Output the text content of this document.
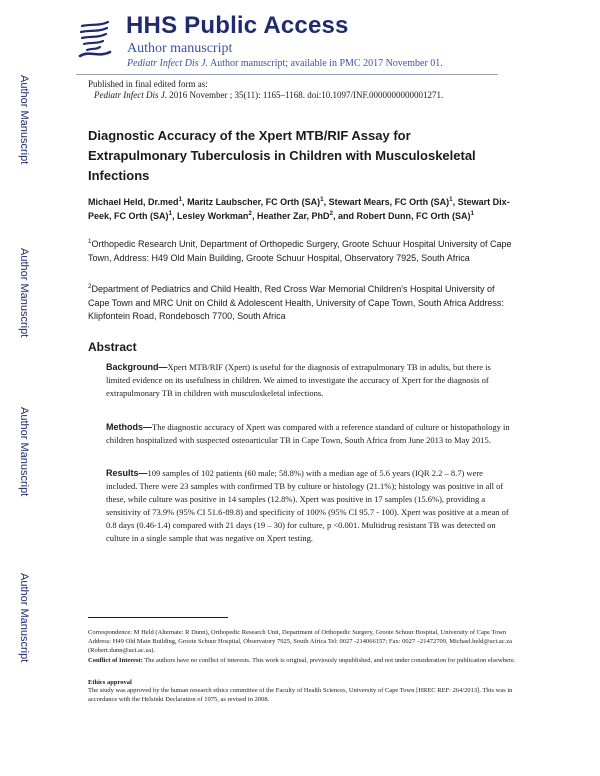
Author Manuscript
Author Manuscript
Author Manuscript
Author Manuscript
HHS Public Access
Author manuscript
Pediatr Infect Dis J. Author manuscript; available in PMC 2017 November 01.
Published in final edited form as:
Pediatr Infect Dis J. 2016 November ; 35(11): 1165–1168. doi:10.1097/INF.0000000000001271.
Diagnostic Accuracy of the Xpert MTB/RIF Assay for Extrapulmonary Tuberculosis in Children with Musculoskeletal Infections
Michael Held, Dr.med$^1$, Maritz Laubscher, FC Orth (SA)$^1$, Stewart Mears, FC Orth (SA)$^1$, Stewart Dix-Peek, FC Orth (SA)$^1$, Lesley Workman$^2$, Heather Zar, PhD$^2$, and Robert Dunn, FC Orth (SA)$^1$
$^1$Orthopedic Research Unit, Department of Orthopedic Surgery, Groote Schuur Hospital University of Cape Town, Address: H49 Old Main Building, Groote Schuur Hospital, Observatory 7925, South Africa
$^2$Department of Pediatrics and Child Health, Red Cross War Memorial Children's Hospital University of Cape Town and MRC Unit on Child & Adolescent Health, University of Cape Town, South Africa Address: Klipfontein Road, Rondebosch 7700, South Africa
Abstract
Background—Xpert MTB/RIF (Xpert) is useful for the diagnosis of extrapulmonary TB in adults, but there is limited evidence on its usefulness in children. We aimed to investigate the accuracy of Xpert for the diagnosis of extrapulmonary TB in children with musculoskeletal infections.
Methods—The diagnostic accuracy of Xpert was compared with a reference standard of culture or histopathology in children hospitalized with suspected osteoarticular TB in Cape Town, South Africa from June 2013 to May 2015.
Results—109 samples of 102 patients (60 male; 58.8%) with a median age of 5.6 years (IQR 2.2 – 8.7) were included. There were 23 samples with confirmed TB by culture or histology (21.1%); histology was positive in all of these, while culture was positive in 14 samples (12.8%). Xpert was positive in 17 samples (15.6%), providing a sensitivity of 73.9% (95% CI 51.6-89.8) and specificity of 100% (95% CI 95.7 - 100). Xpert was positive at a mean of 0.8 days (0.46-1.4) compared with 21 days (19 – 30) for culture, p <0.001. Multidrug resistant TB was detected on culture in a single sample that was negative on Xpert testing.
Correspondence: M Held (Alternate: R Dunn), Orthopedic Research Unit, Department of Orthopedic Surgery, Groote Schuur Hospital, University of Cape Town Address: H49 Old Main Building, Groote Schuur Hospital, Observatory 7925, South Africa Tel: 0027 -214066157; Fax: 0027 –21472709, Michael.held@uct.ac.za (Robert.dunn@uct.ac.za).
Conflict of Interest: The authors have no conflict of interests. This work is original, previously unpublished, and not under consideration for publication elsewhere.
Ethics approval
The study was approved by the human research ethics committee of the Faculty of Health Sciences, University of Cape Town [HREC REF: 264/2013]. This was in accordance with the Helsinki Declaration of 1975, as revised in 2008.
